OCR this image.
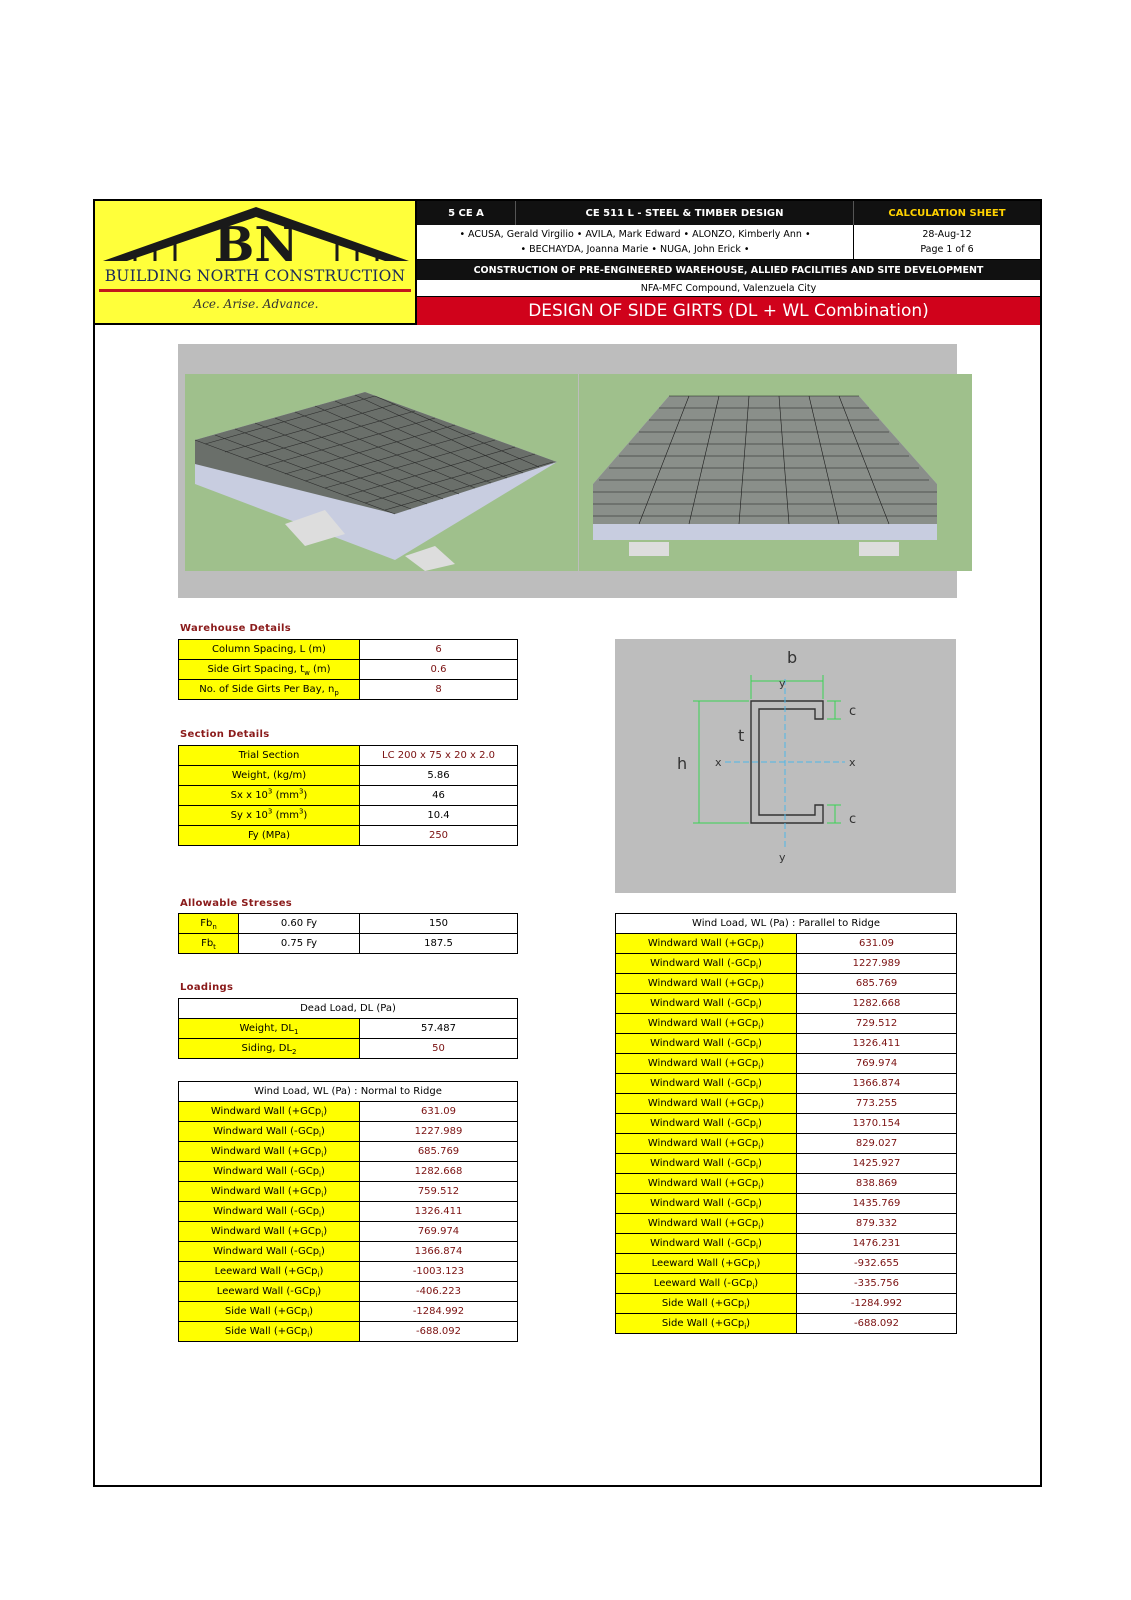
BN
BUILDING NORTH CONSTRUCTION
Ace. Arise. Advance.
5 CE A	CE 511 L - STEEL & TIMBER DESIGN	CALCULATION SHEET
• ACUSA, Gerald Virgilio • AVILA, Mark Edward • ALONZO, Kimberly Ann •
• BECHAYDA, Joanna Marie • NUGA, John Erick •
28-Aug-12
Page 1 of 6
CONSTRUCTION OF PRE-ENGINEERED WAREHOUSE, ALLIED FACILITIES AND SITE DEVELOPMENT
NFA-MFC Compound, Valenzuela City
DESIGN OF SIDE GIRTS (DL + WL Combination)
Warehouse Details
Column Spacing, L (m)	6
Side Girt Spacing, $t_w$ (m)	0.6
No. of Side Girts Per Bay, $n_p$	8
Section Details
Trial Section	LC 200 x 75 x 20 x 2.0
Weight, (kg/m)	5.86
Sx x $10^3$ $(mm^3)$	46
Sy x $10^3$ $(mm^3)$	10.4
Fy (MPa)	250
b
y
c
t
h	x	x
c
y
Allowable Stresses
$Fb_n$	0.60 Fy	150
$Fb_t$	0.75 Fy	187.5
Loadings
Dead Load, DL (Pa)	
Weight, $DL_1$	57.487
Siding, $DL_2$	50
Wind Load, WL (Pa) : Normal to Ridge	
Windward Wall (+GCp$_i$)	631.09
Windward Wall (-GCp$_i$)	1227.989
Windward Wall (+GCp$_i$)	685.769
Windward Wall (-GCp$_i$)	1282.668
Windward Wall (+GCp$_i$)	759.512
Windward Wall (-GCp$_i$)	1326.411
Windward Wall (+GCp$_i$)	769.974
Windward Wall (-GCp$_i$)	1366.874
Leeward Wall (+GCp$_i$)	-1003.123
Leeward Wall (-GCp$_i$)	-406.223
Side Wall (+GCp$_i$)	-1284.992
Side Wall (+GCp$_i$)	-688.092
Wind Load, WL (Pa) : Parallel to Ridge	
Windward Wall (+GCp$_i$)	631.09
Windward Wall (-GCp$_i$)	1227.989
Windward Wall (+GCp$_i$)	685.769
Windward Wall (-GCp$_i$)	1282.668
Windward Wall (+GCp$_i$)	729.512
Windward Wall (-GCp$_i$)	1326.411
Windward Wall (+GCp$_i$)	769.974
Windward Wall (-GCp$_i$)	1366.874
Windward Wall (+GCp$_i$)	773.255
Windward Wall (-GCp$_i$)	1370.154
Windward Wall (+GCp$_i$)	829.027
Windward Wall (-GCp$_i$)	1425.927
Windward Wall (+GCp$_i$)	838.869
Windward Wall (-GCp$_i$)	1435.769
Windward Wall (+GCp$_i$)	879.332
Windward Wall (-GCp$_i$)	1476.231
Leeward Wall (+GCp$_i$)	-932.655
Leeward Wall (-GCp$_i$)	-335.756
Side Wall (+GCp$_i$)	-1284.992
Side Wall (+GCp$_i$)	-688.092
